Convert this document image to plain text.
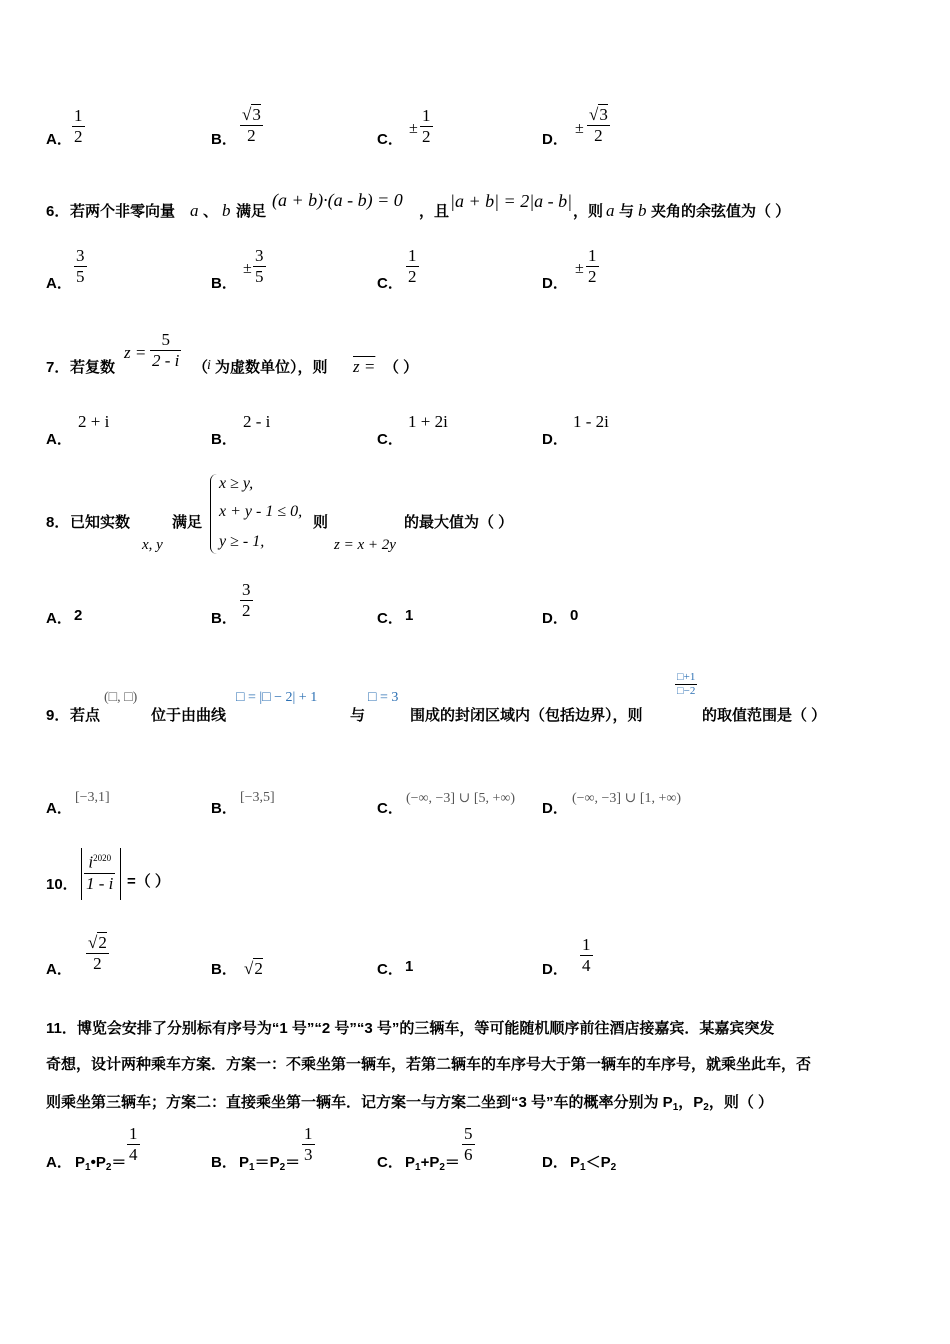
A． $\frac{1}{2}$	B． $\frac{√3}{2}$	C．
± $\frac{1}{2}$	D．
± $\frac{√3}{2}$
6． 若两个非零向量 a 、 b 满足
(a + b)·(a - b) = 0
，且
|a + b| = 2|a - b|
，则 a 与 b 夹角的余弦值为（ ）
A． $\frac{3}{5}$	B．
± $\frac{3}{5}$	C． $\frac{1}{2}$	D．
± $\frac{1}{2}$
7． 若复数
$z = \frac{5}{2 - i}$ （
i 为虚数单位），则 z = （ ）
A．
2 + i
B．
2 - i
C．
1 + 2i
D．
1 - 2i
8． 已知实数
x, y
满足
x ≥ y,
x + y - 1 ≤ 0,
y ≥ - 1,
则
z = x + 2y
的最大值为（ ）
A． 2	B． $\frac{3}{2}$	C． 1	D． 0
9． 若点
(□, □)
位于由曲线
□ = |□ − 2| + 1
与
□ = 3
围成的封闭区域内（包括边界），则
$\frac{□+1}{□-2}$
的取值范围是（ ）
A．
[−3,1]
B．
[−3,5]
C．
(−∞, −3] ∪ [5, +∞)
D．
(−∞, −3] ∪ [1, +∞)
10． $\frac{i^{2020}}{1 - i}$ =（ ）
A． $\frac{√2}{2}$	B． √2	C． 1	D． $\frac{1}{4}$
11．博览会安排了分别标有序号为“1 号”“2 号”“3 号”的三辆车，等可能随机顺序前往酒店接嘉宾．某嘉宾突发
奇想，设计两种乘车方案．方案一：不乘坐第一辆车，若第二辆车的车序号大于第一辆车的车序号，就乘坐此车，否
则乘坐第三辆车；方案二：直接乘坐第一辆车．记方案一与方案二坐到“3 号”车的概率分别为 $P_1$，$P_2$，则（ ）
A． $P_1•P_2= \frac{1}{4}$	B． $P_1=P_2= \frac{1}{3}$	C． $P_1+P_2= \frac{5}{6}$	D． $P_1<P_2$
